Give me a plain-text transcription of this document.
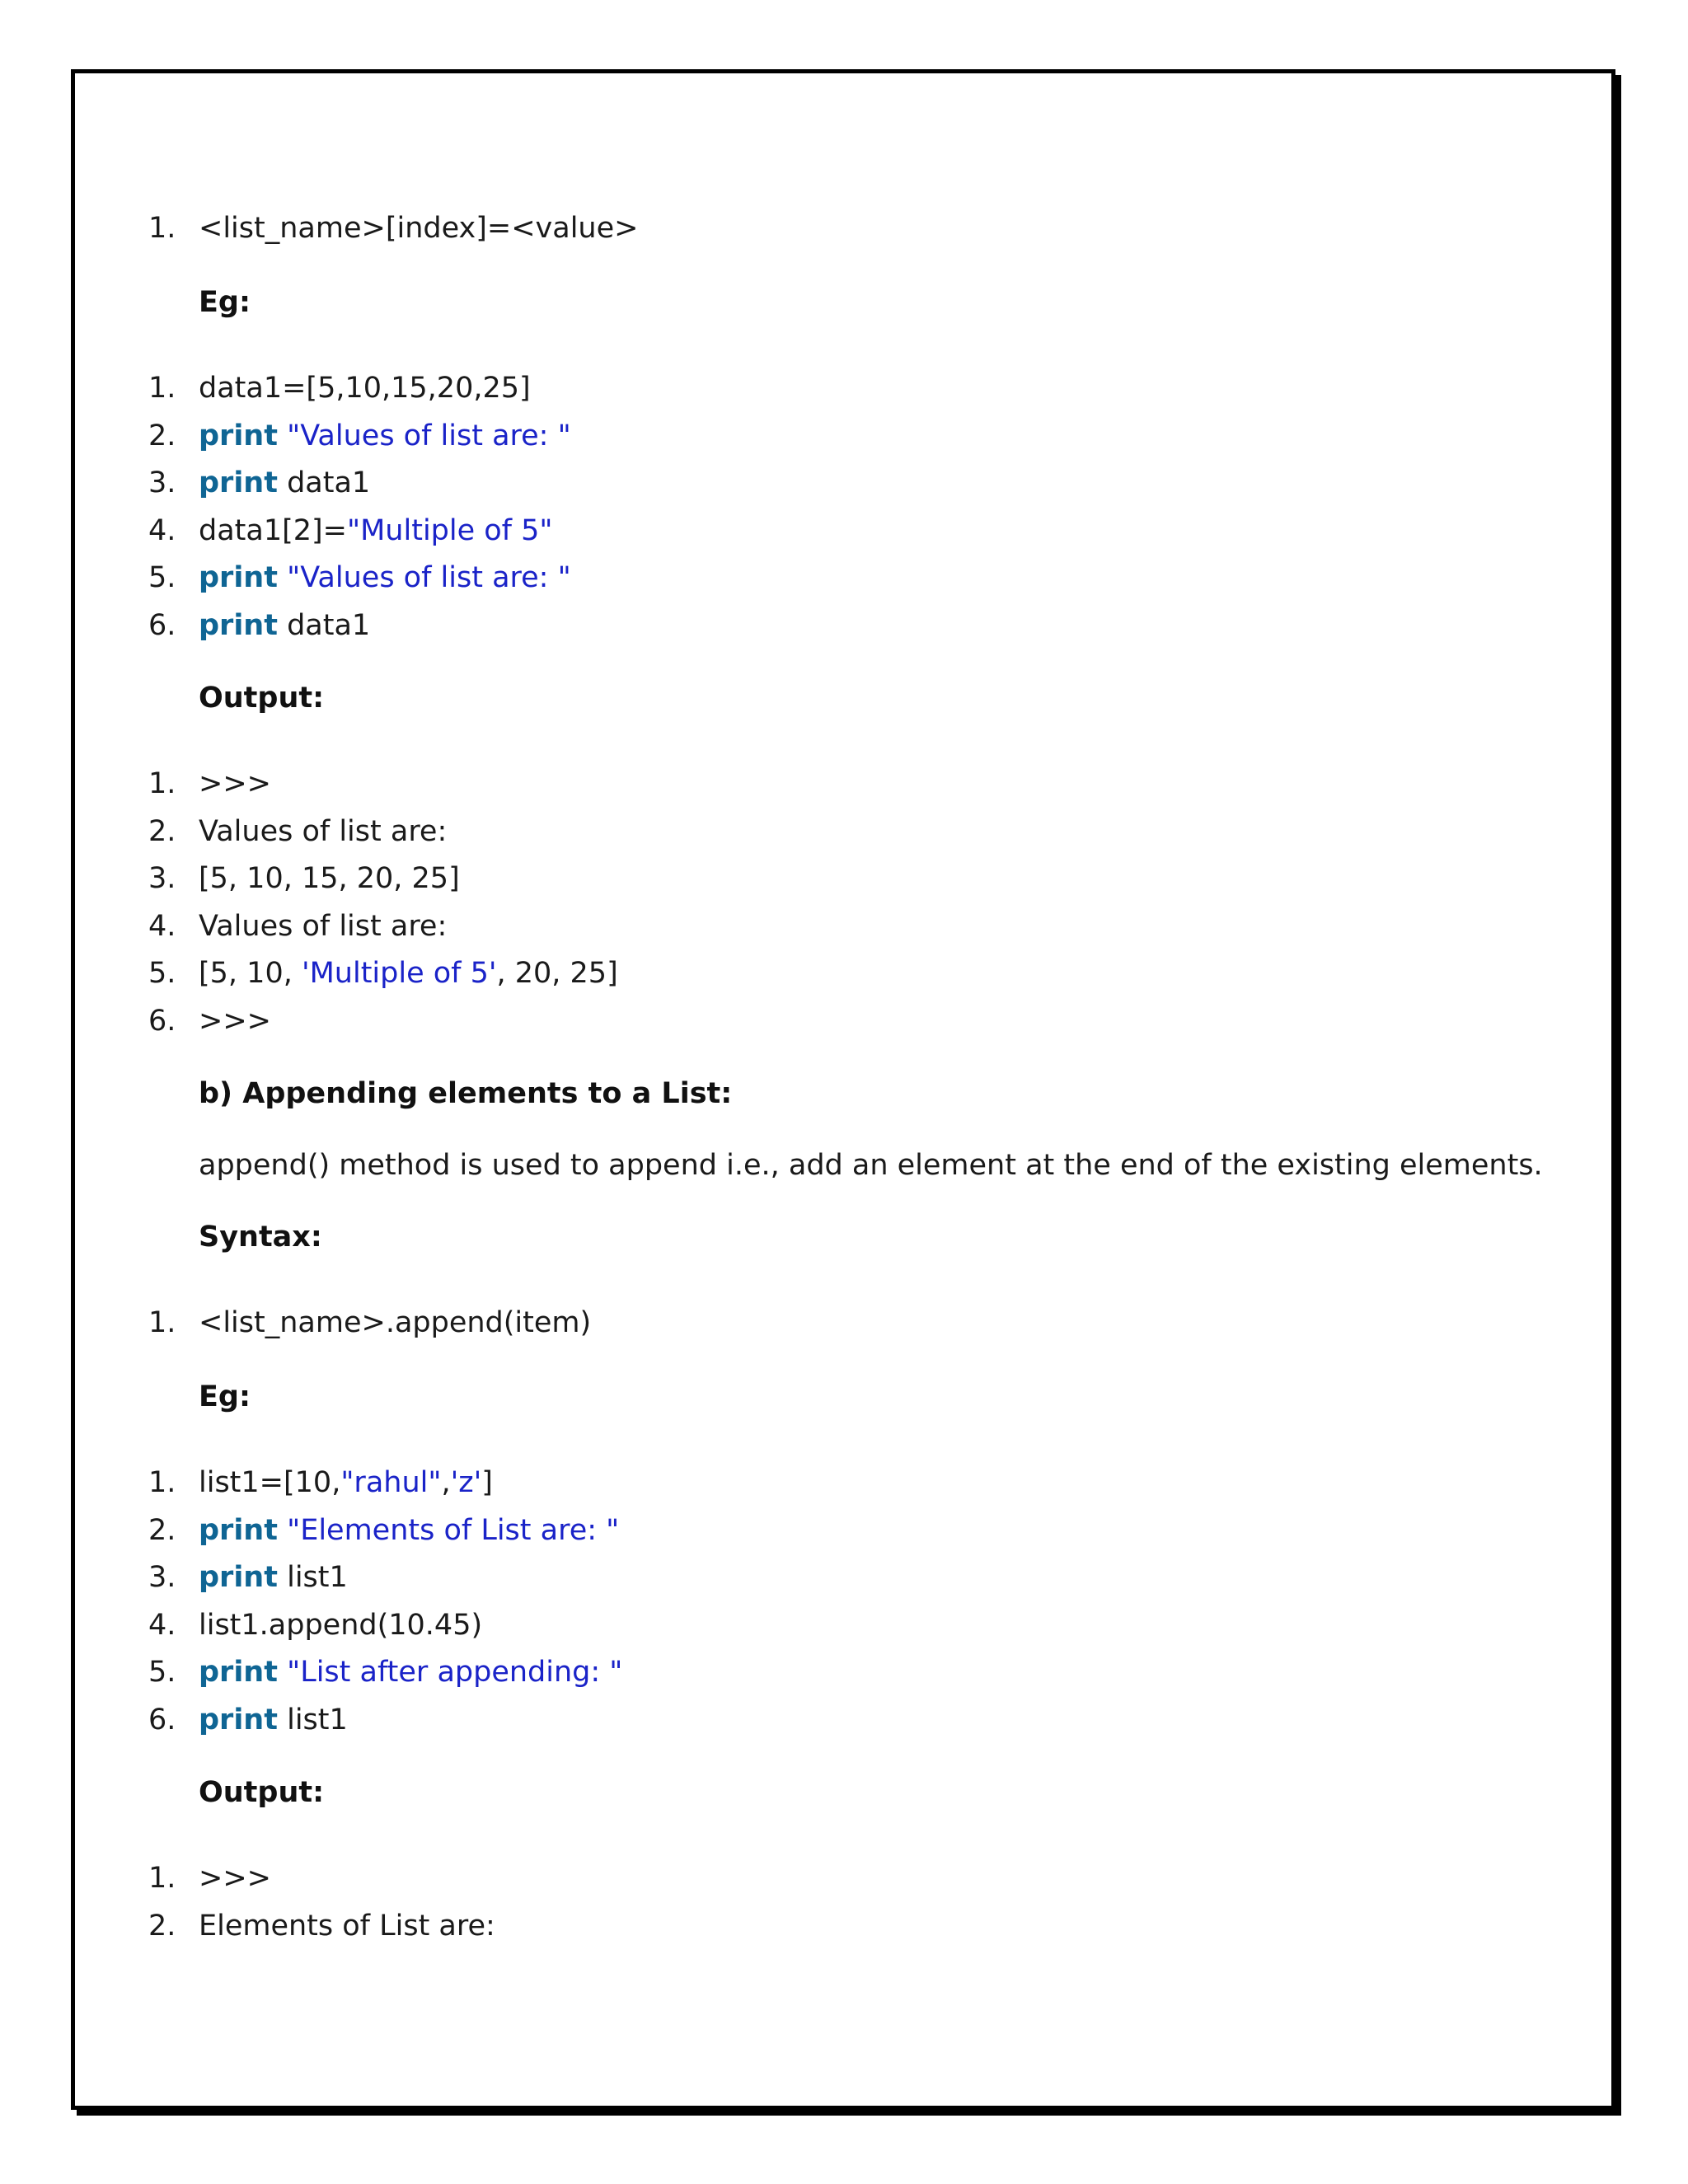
1. <list_name>[index]=<value>
Eg:
1. data1=[5,10,15,20,25]
2. print "Values of list are: "
3. print data1
4. data1[2]="Multiple of 5"
5. print "Values of list are: "
6. print data1
Output:
1. >>>
2. Values of list are:
3. [5, 10, 15, 20, 25]
4. Values of list are:
5. [5, 10, 'Multiple of 5', 20, 25]
6. >>>
b) Appending elements to a List:
append() method is used to append i.e., add an element at the end of the existing elements.
Syntax:
1. <list_name>.append(item)
Eg:
1. list1=[10,"rahul",'z']
2. print "Elements of List are: "
3. print list1
4. list1.append(10.45)
5. print "List after appending: "
6. print list1
Output:
1. >>>
2. Elements of List are:
